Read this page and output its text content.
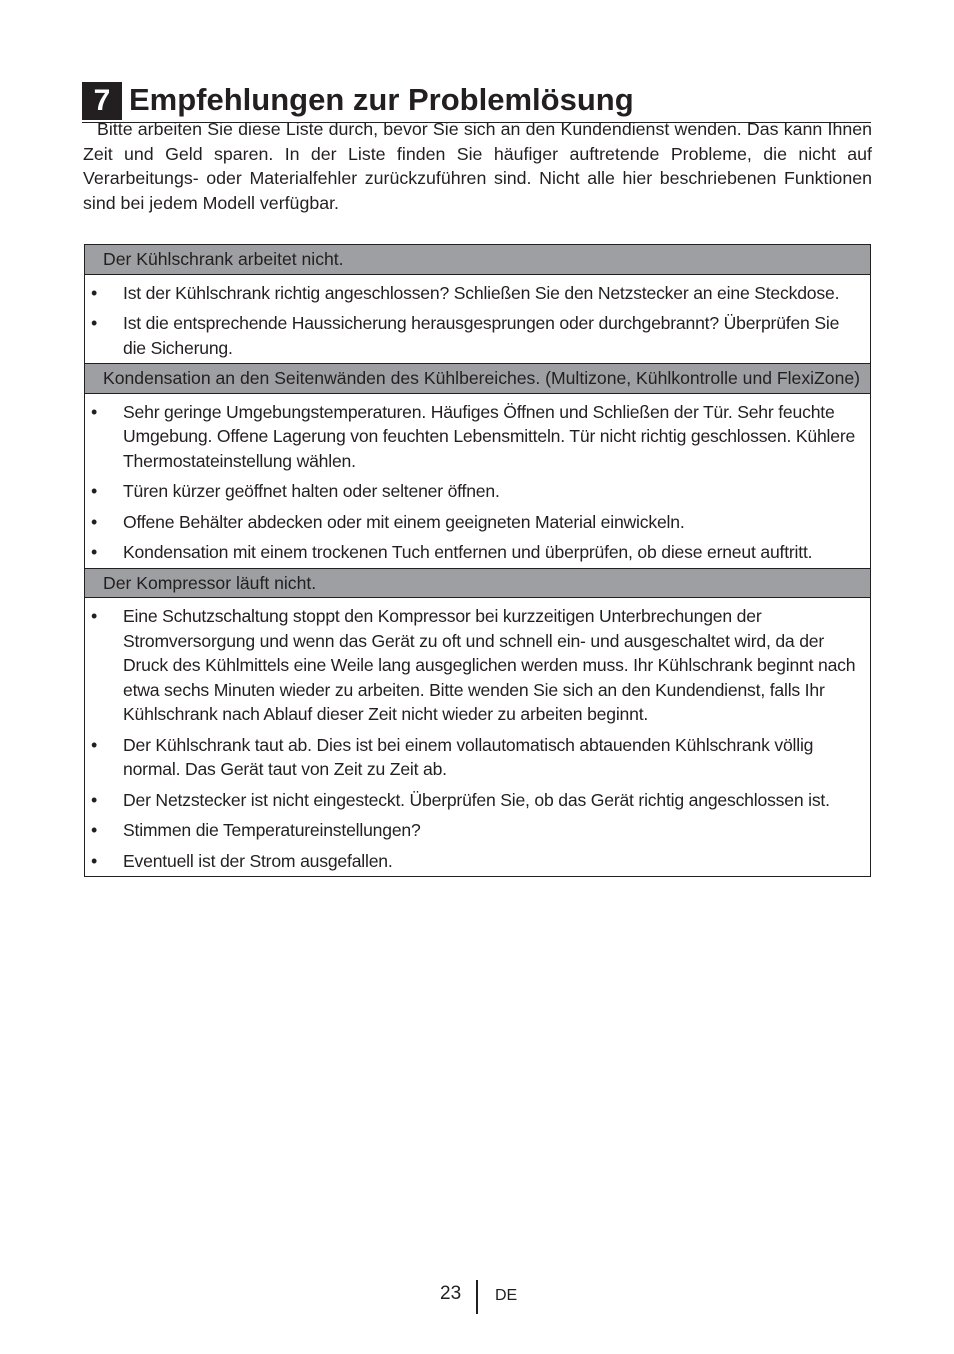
7 Empfehlungen zur Problemlösung

Bitte arbeiten Sie diese Liste durch, bevor Sie sich an den Kundendienst wenden. Das kann Ihnen Zeit und Geld sparen. In der Liste finden Sie häufiger auftretende Probleme, die nicht auf Verarbeitungs- oder Materialfehler zurückzuführen sind. Nicht alle hier beschriebenen Funktionen sind bei jedem Modell verfügbar.

Der Kühlschrank arbeitet nicht.
• Ist der Kühlschrank richtig angeschlossen? Schließen Sie den Netzstecker an eine Steckdose.
• Ist die entsprechende Haussicherung herausgesprungen oder durchgebrannt? Überprüfen Sie die Sicherung.
Kondensation an den Seitenwänden des Kühlbereiches. (Multizone, Kühlkontrolle und FlexiZone)
• Sehr geringe Umgebungstemperaturen. Häufiges Öffnen und Schließen der Tür. Sehr feuchte Umgebung. Offene Lagerung von feuchten Lebensmitteln. Tür nicht richtig geschlossen. Kühlere Thermostateinstellung wählen.
• Türen kürzer geöffnet halten oder seltener öffnen.
• Offene Behälter abdecken oder mit einem geeigneten Material einwickeln.
• Kondensation mit einem trockenen Tuch entfernen und überprüfen, ob diese erneut auftritt.
Der Kompressor läuft nicht.
• Eine Schutzschaltung stoppt den Kompressor bei kurzzeitigen Unterbrechungen der Stromversorgung und wenn das Gerät zu oft und schnell ein- und ausgeschaltet wird, da der Druck des Kühlmittels eine Weile lang ausgeglichen werden muss. Ihr Kühlschrank beginnt nach etwa sechs Minuten wieder zu arbeiten. Bitte wenden Sie sich an den Kundendienst, falls Ihr Kühlschrank nach Ablauf dieser Zeit nicht wieder zu arbeiten beginnt.
• Der Kühlschrank taut ab. Dies ist bei einem vollautomatisch abtauenden Kühlschrank völlig normal. Das Gerät taut von Zeit zu Zeit ab.
• Der Netzstecker ist nicht eingesteckt. Überprüfen Sie, ob das Gerät richtig angeschlossen ist.
• Stimmen die Temperatureinstellungen?
• Eventuell ist der Strom ausgefallen.
23 DE
